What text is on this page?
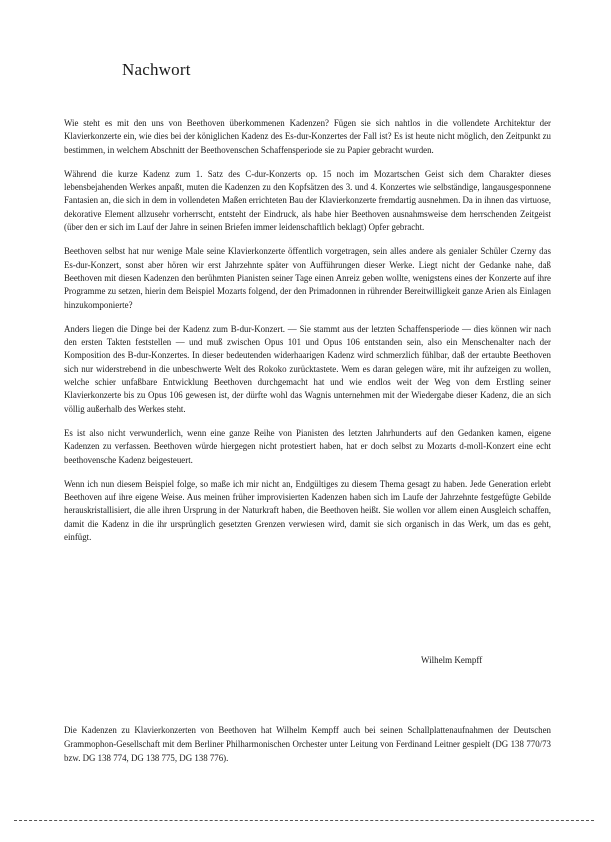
Nachwort

Wie steht es mit den uns von Beethoven überkommenen Kadenzen? Fügen sie sich nahtlos in die vollendete Architektur der Klavierkonzerte ein, wie dies bei der königlichen Kadenz des Es-dur-Konzertes der Fall ist? Es ist heute nicht möglich, den Zeitpunkt zu bestimmen, in welchem Abschnitt der Beethovenschen Schaffensperiode sie zu Papier gebracht wurden.

Während die kurze Kadenz zum 1. Satz des C-dur-Konzerts op. 15 noch im Mozartschen Geist sich dem Charakter dieses lebensbejahenden Werkes anpaßt, muten die Kadenzen zu den Kopfsätzen des 3. und 4. Konzertes wie selbständige, langausgesponnene Fantasien an, die sich in dem in vollendeten Maßen errichteten Bau der Klavierkonzerte fremdartig ausnehmen. Da in ihnen das virtuose, dekorative Element allzusehr vorherrscht, entsteht der Eindruck, als habe hier Beethoven ausnahmsweise dem herrschenden Zeitgeist (über den er sich im Lauf der Jahre in seinen Briefen immer leidenschaftlich beklagt) Opfer gebracht.

Beethoven selbst hat nur wenige Male seine Klavierkonzerte öffentlich vorgetragen, sein alles andere als genialer Schüler Czerny das Es-dur-Konzert, sonst aber hören wir erst Jahrzehnte später von Aufführungen dieser Werke. Liegt nicht der Gedanke nahe, daß Beethoven mit diesen Kadenzen den berühmten Pianisten seiner Tage einen Anreiz geben wollte, wenigstens eines der Konzerte auf ihre Programme zu setzen, hierin dem Beispiel Mozarts folgend, der den Primadonnen in rührender Bereitwilligkeit ganze Arien als Einlagen hinzukomponierte?

Anders liegen die Dinge bei der Kadenz zum B-dur-Konzert. — Sie stammt aus der letzten Schaffensperiode — dies können wir nach den ersten Takten feststellen — und muß zwischen Opus 101 und Opus 106 entstanden sein, also ein Menschenalter nach der Komposition des B-dur-Konzertes. In dieser bedeutenden widerhaarigen Kadenz wird schmerzlich fühlbar, daß der ertaubte Beethoven sich nur widerstrebend in die unbeschwerte Welt des Rokoko zurücktastete. Wem es daran gelegen wäre, mit ihr aufzeigen zu wollen, welche schier unfaßbare Entwicklung Beethoven durchgemacht hat und wie endlos weit der Weg von dem Erstling seiner Klavierkonzerte bis zu Opus 106 gewesen ist, der dürfte wohl das Wagnis unternehmen mit der Wiedergabe dieser Kadenz, die an sich völlig außerhalb des Werkes steht.

Es ist also nicht verwunderlich, wenn eine ganze Reihe von Pianisten des letzten Jahrhunderts auf den Gedanken kamen, eigene Kadenzen zu verfassen. Beethoven würde hiergegen nicht protestiert haben, hat er doch selbst zu Mozarts d-moll-Konzert eine echt beethovensche Kadenz beigesteuert.

Wenn ich nun diesem Beispiel folge, so maße ich mir nicht an, Endgültiges zu diesem Thema gesagt zu haben. Jede Generation erlebt Beethoven auf ihre eigene Weise. Aus meinen früher improvisierten Kadenzen haben sich im Laufe der Jahrzehnte festgefügte Gebilde herauskristallisiert, die alle ihren Ursprung in der Naturkraft haben, die Beethoven heißt. Sie wollen vor allem einen Ausgleich schaffen, damit die Kadenz in die ihr ursprünglich gesetzten Grenzen verwiesen wird, damit sie sich organisch in das Werk, um das es geht, einfügt.

Wilhelm Kempff
Die Kadenzen zu Klavierkonzerten von Beethoven hat Wilhelm Kempff auch bei seinen Schallplattenaufnahmen der Deutschen Grammophon-Gesellschaft mit dem Berliner Philharmonischen Orchester unter Leitung von Ferdinand Leitner gespielt (DG 138 770/73 bzw. DG 138 774, DG 138 775, DG 138 776).
